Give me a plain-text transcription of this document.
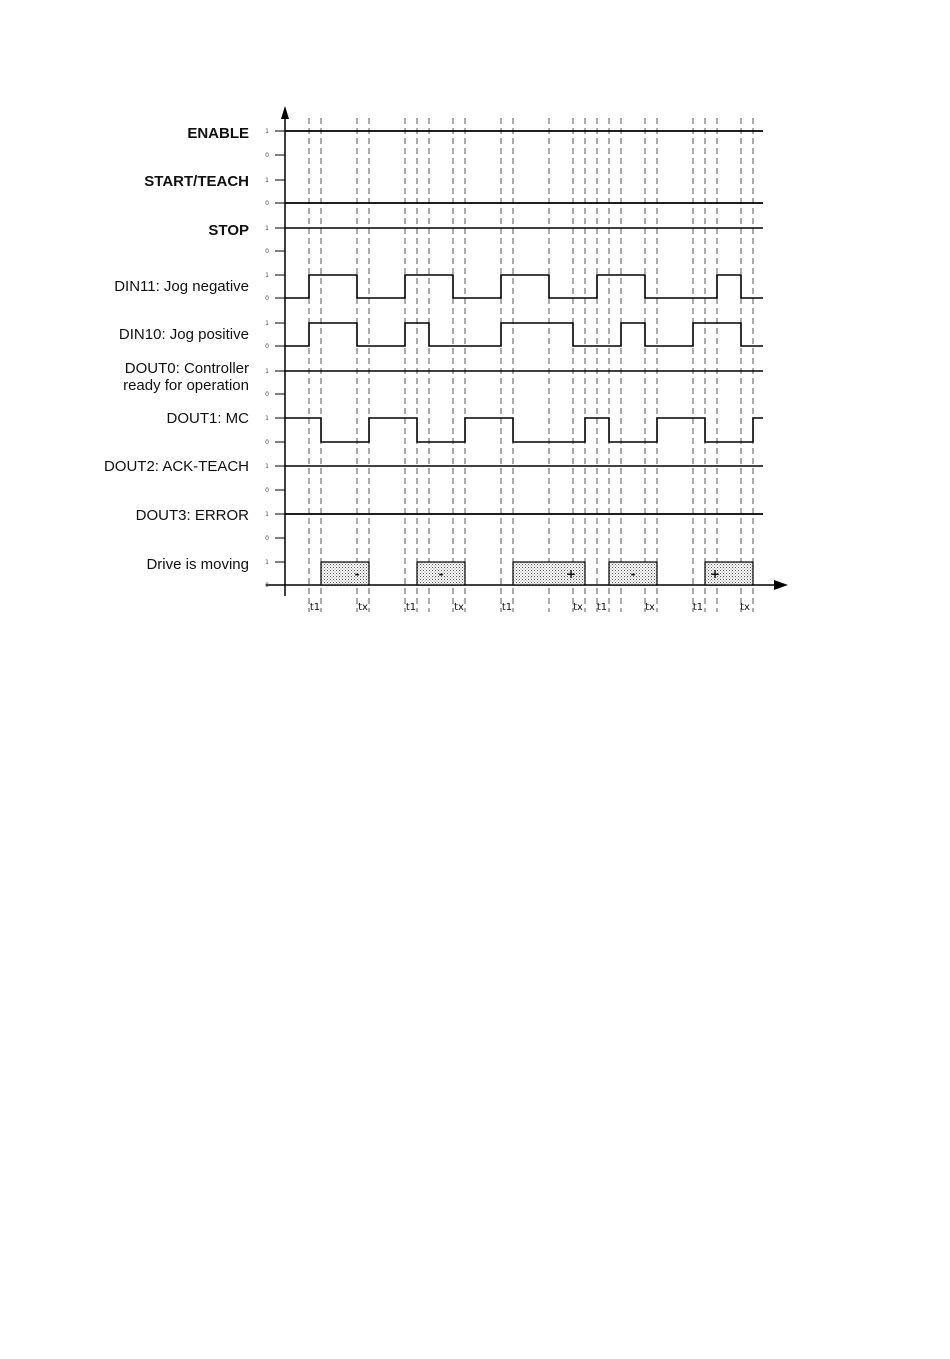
1
0
1
0
1
0
1
0
1
0
1
0
1
0
1
0
1
0
1
0
ENABLE
START/TEACH
STOP
DIN11: Jog negative
DIN10: Jog positive
DOUT0: Controller
ready for operation
DOUT1: MC
DOUT2: ACK-TEACH
DOUT3: ERROR
Drive is moving
-	-	+	-	+
t1	tx	t1	tx	t1	tx t1	tx	t1	tx
